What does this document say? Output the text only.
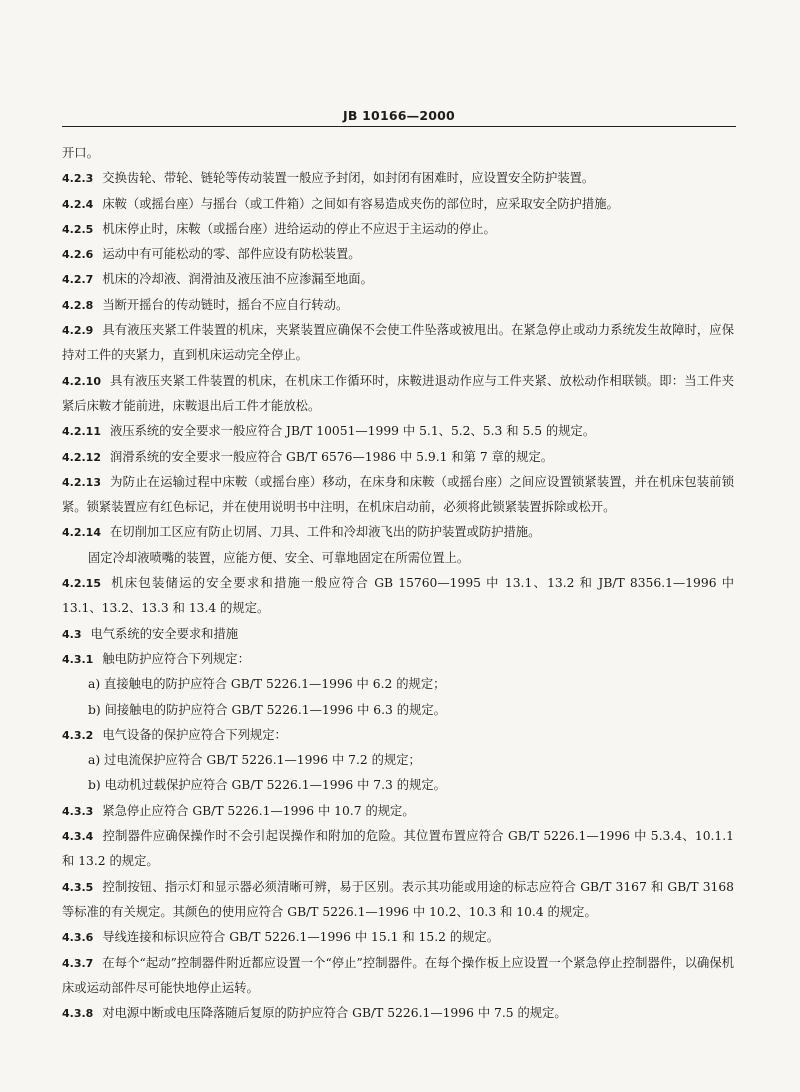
JB 10166—2000
开口。
4.2.3 交换齿轮、带轮、链轮等传动装置一般应予封闭，如封闭有困难时，应设置安全防护装置。
4.2.4 床鞍（或摇台座）与摇台（或工件箱）之间如有容易造成夹伤的部位时，应采取安全防护措施。
4.2.5 机床停止时，床鞍（或摇台座）进给运动的停止不应迟于主运动的停止。
4.2.6 运动中有可能松动的零、部件应设有防松装置。
4.2.7 机床的冷却液、润滑油及液压油不应渗漏至地面。
4.2.8 当断开摇台的传动链时，摇台不应自行转动。
4.2.9 具有液压夹紧工件装置的机床，夹紧装置应确保不会使工件坠落或被甩出。在紧急停止或动力系统发生故障时，应保持对工件的夹紧力，直到机床运动完全停止。
4.2.10 具有液压夹紧工件装置的机床，在机床工作循环时，床鞍进退动作应与工件夹紧、放松动作相联锁。即：当工件夹紧后床鞍才能前进，床鞍退出后工件才能放松。
4.2.11 液压系统的安全要求一般应符合 JB/T 10051—1999 中 5.1、5.2、5.3 和 5.5 的规定。
4.2.12 润滑系统的安全要求一般应符合 GB/T 6576—1986 中 5.9.1 和第 7 章的规定。
4.2.13 为防止在运输过程中床鞍（或摇台座）移动，在床身和床鞍（或摇台座）之间应设置锁紧装置，并在机床包装前锁紧。锁紧装置应有红色标记，并在使用说明书中注明，在机床启动前，必须将此锁紧装置拆除或松开。
4.2.14 在切削加工区应有防止切屑、刀具、工件和冷却液飞出的防护装置或防护措施。
固定冷却液喷嘴的装置，应能方便、安全、可靠地固定在所需位置上。
4.2.15 机床包装储运的安全要求和措施一般应符合 GB 15760—1995 中 13.1、13.2 和 JB/T 8356.1—1996 中 13.1、13.2、13.3 和 13.4 的规定。
4.3 电气系统的安全要求和措施
4.3.1 触电防护应符合下列规定：
a) 直接触电的防护应符合 GB/T 5226.1—1996 中 6.2 的规定；
b) 间接触电的防护应符合 GB/T 5226.1—1996 中 6.3 的规定。
4.3.2 电气设备的保护应符合下列规定：
a) 过电流保护应符合 GB/T 5226.1—1996 中 7.2 的规定；
b) 电动机过载保护应符合 GB/T 5226.1—1996 中 7.3 的规定。
4.3.3 紧急停止应符合 GB/T 5226.1—1996 中 10.7 的规定。
4.3.4 控制器件应确保操作时不会引起误操作和附加的危险。其位置布置应符合 GB/T 5226.1—1996 中 5.3.4、10.1.1 和 13.2 的规定。
4.3.5 控制按钮、指示灯和显示器必须清晰可辨，易于区别。表示其功能或用途的标志应符合 GB/T 3167 和 GB/T 3168 等标准的有关规定。其颜色的使用应符合 GB/T 5226.1—1996 中 10.2、10.3 和 10.4 的规定。
4.3.6 导线连接和标识应符合 GB/T 5226.1—1996 中 15.1 和 15.2 的规定。
4.3.7 在每个“起动”控制器件附近都应设置一个“停止”控制器件。在每个操作板上应设置一个紧急停止控制器件，以确保机床或运动部件尽可能快地停止运转。
4.3.8 对电源中断或电压降落随后复原的防护应符合 GB/T 5226.1—1996 中 7.5 的规定。
